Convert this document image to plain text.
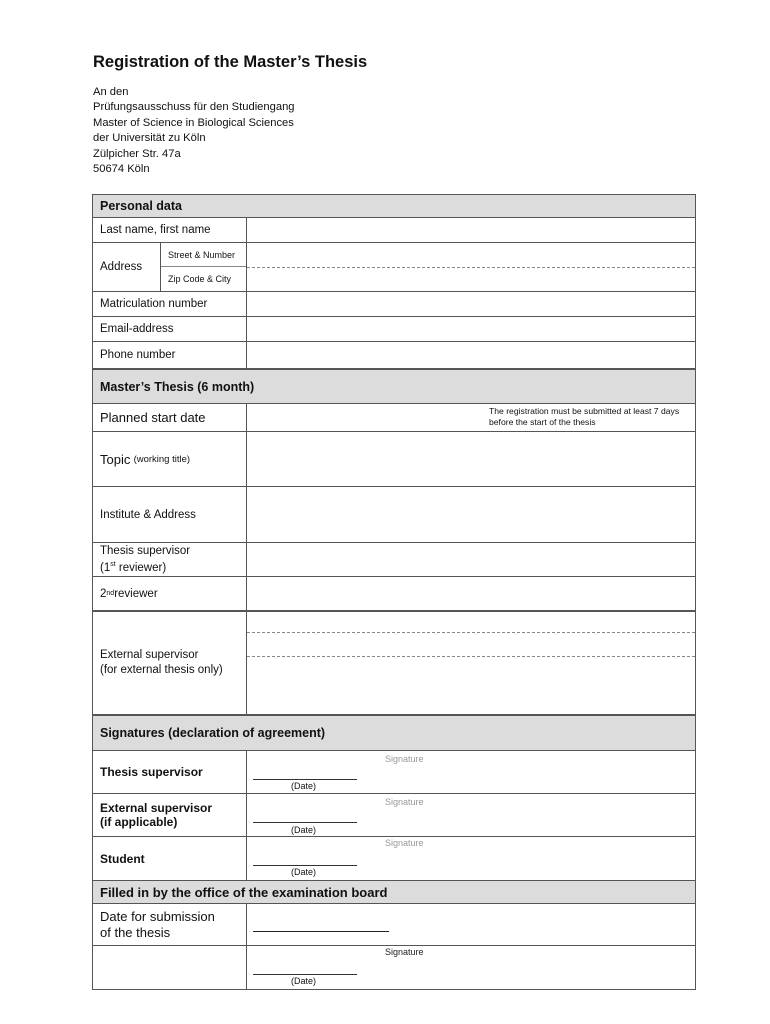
Registration of the Master’s Thesis
An den
Prüfungsausschuss für den Studiengang
Master of Science in Biological Sciences
der Universität zu Köln
Zülpicher Str. 47a
50674 Köln
Personal data
Last name, first name
Address
Street & Number
Zip Code & City
Matriculation number
Email-address
Phone number
Master’s Thesis (6 month)
Planned start date	The registration must be submitted at least 7 days before the start of the thesis
Topic
(working title)
Institute & Address
Thesis supervisor
(1st reviewer)
2 nd reviewer
External supervisor
(for external thesis only)
Signatures (declaration of agreement)
Thesis supervisor
Signature
(Date)
External supervisor
(if applicable)
Signature
(Date)
Student
Signature
(Date)
Filled in by the office of the examination board
Date for submission
of the thesis
Signature
(Date)
